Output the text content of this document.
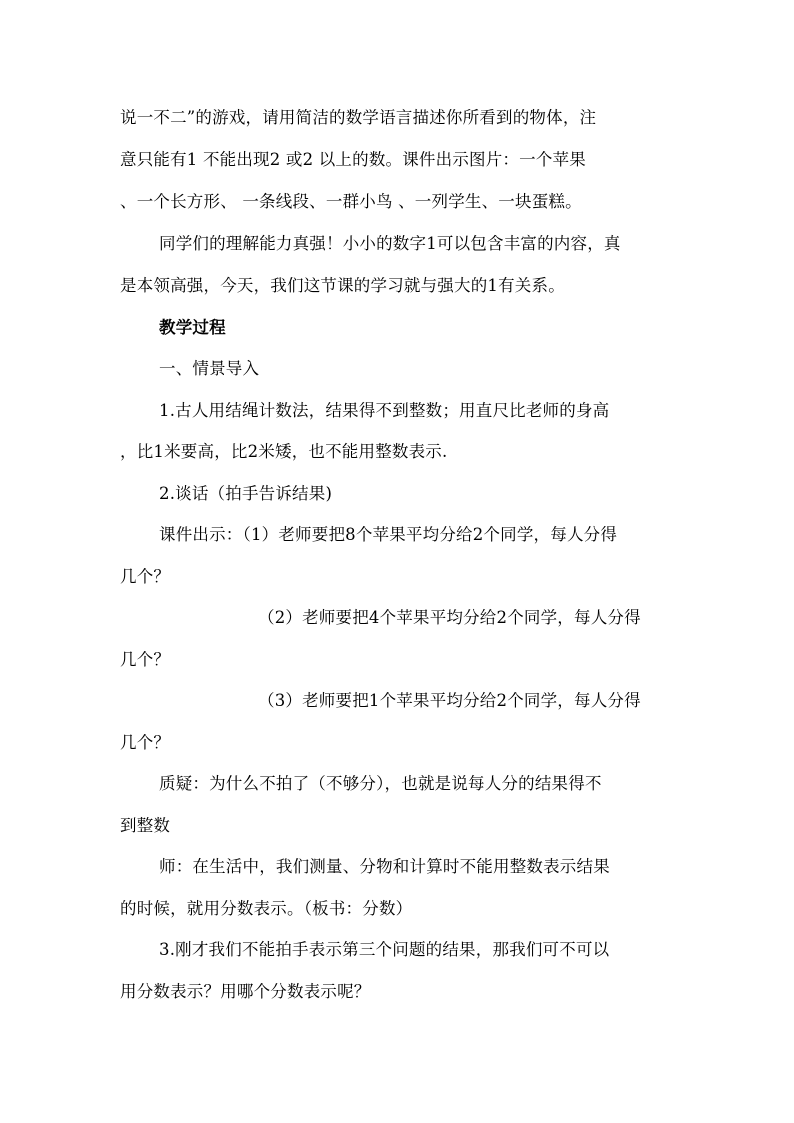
说一不二”的游戏，请用简洁的数学语言描述你所看到的物体，注
意只能有1 不能出现2 或2 以上的数。课件出示图片：一个苹果
、一个长方形、 一条线段、一群小鸟 、一列学生、一块蛋糕。
同学们的理解能力真强！小小的数字1可以包含丰富的内容，真
是本领高强，今天，我们这节课的学习就与强大的1有关系。
教学过程
一、情景导入
1.古人用结绳计数法，结果得不到整数；用直尺比老师的身高
，比1米要高，比2米矮，也不能用整数表示.
2.谈话（拍手告诉结果)
课件出示：（1）老师要把8个苹果平均分给2个同学，每人分得
几个？
（2）老师要把4个苹果平均分给2个同学，每人分得
几个？
（3）老师要把1个苹果平均分给2个同学，每人分得
几个？
质疑：为什么不拍了（不够分），也就是说每人分的结果得不
到整数
师：在生活中，我们测量、分物和计算时不能用整数表示结果
的时候，就用分数表示。（板书：分数）
3.刚才我们不能拍手表示第三个问题的结果，那我们可不可以
用分数表示？用哪个分数表示呢？
